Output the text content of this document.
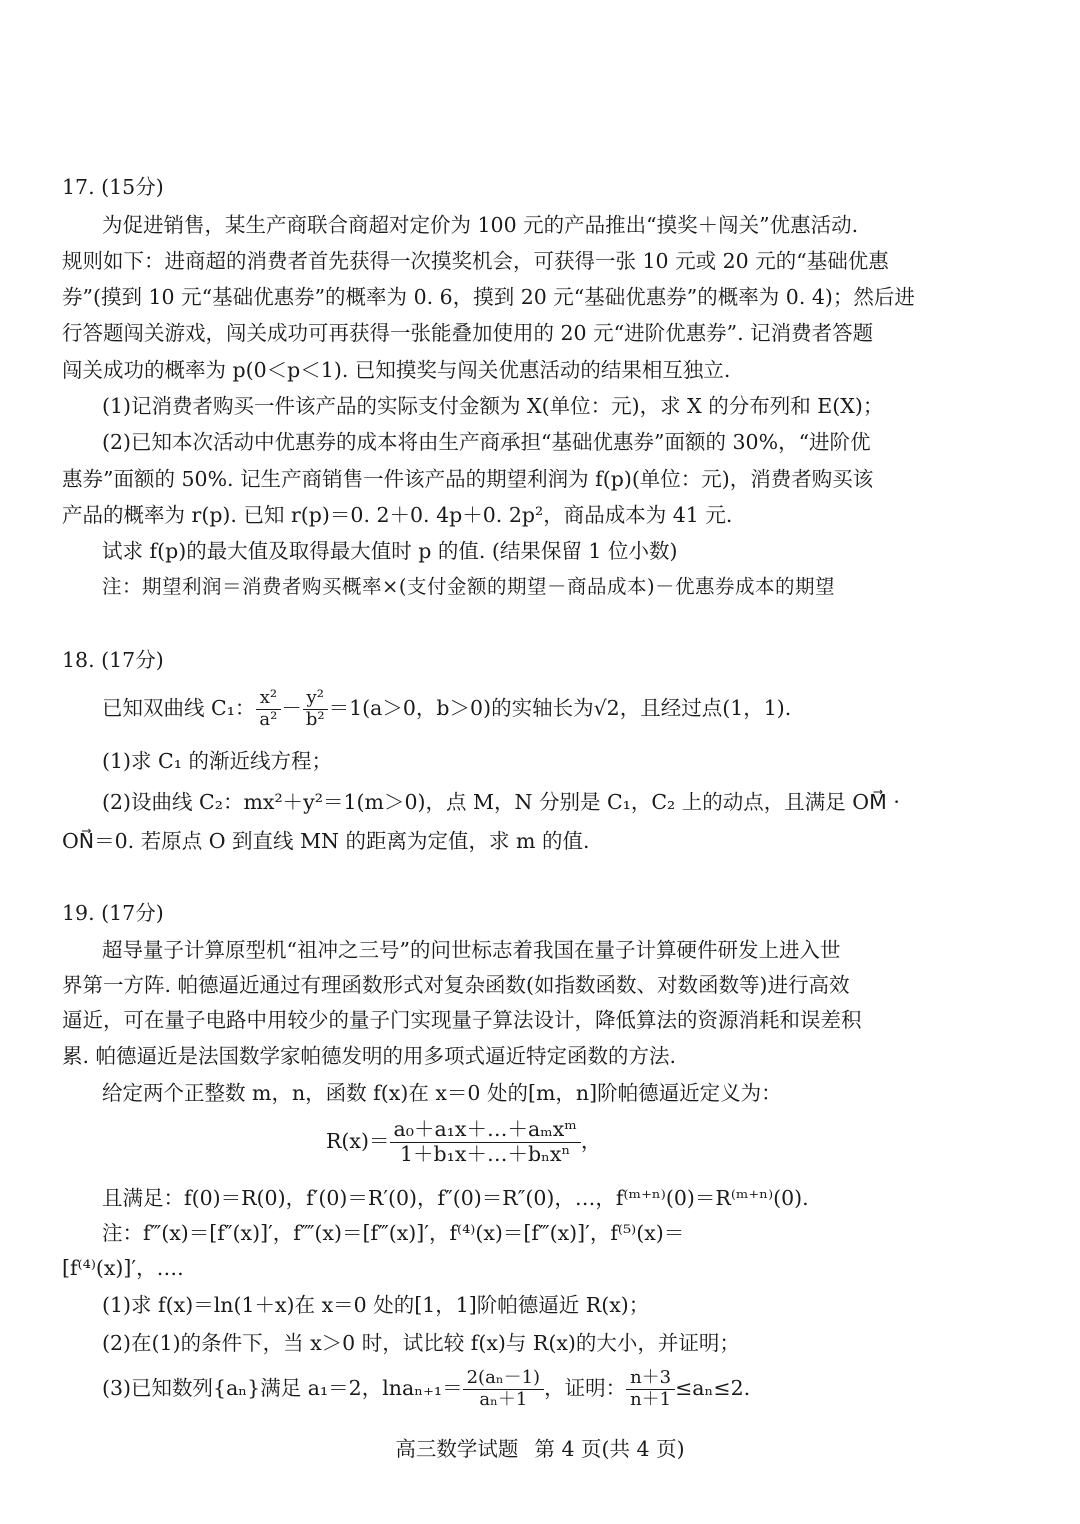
17. (15分)
为促进销售，某生产商联合商超对定价为 100 元的产品推出“摸奖＋闯关”优惠活动.
规则如下：进商超的消费者首先获得一次摸奖机会，可获得一张 10 元或 20 元的“基础优惠
券”(摸到 10 元“基础优惠券”的概率为 0. 6，摸到 20 元“基础优惠券”的概率为 0. 4)；然后进
行答题闯关游戏，闯关成功可再获得一张能叠加使用的 20 元“进阶优惠券”. 记消费者答题
闯关成功的概率为 p(0＜p＜1). 已知摸奖与闯关优惠活动的结果相互独立.
(1)记消费者购买一件该产品的实际支付金额为 X(单位：元)，求 X 的分布列和 E(X)；
(2)已知本次活动中优惠券的成本将由生产商承担“基础优惠券”面额的 30%，“进阶优
惠券”面额的 50%. 记生产商销售一件该产品的期望利润为 f(p)(单位：元)，消费者购买该
产品的概率为 r(p). 已知 r(p)＝0. 2＋0. 4p＋0. 2p²，商品成本为 41 元.
试求 f(p)的最大值及取得最大值时 p 的值. (结果保留 1 位小数)
注：期望利润＝消费者购买概率×(支付金额的期望－商品成本)－优惠券成本的期望
18. (17分)
已知双曲线 C₁： $\frac{\text{x²}}{\text{a²}} - \frac{\text{y²}}{\text{b²}} =1(a>0$，b＞0)的实轴长为√2，且经过点(1，1).
(1)求 C₁ 的渐近线方程；
(2)设曲线 C₂：mx²＋y²＝1(m＞0)，点 M，N 分别是 C₁，C₂ 上的动点，且满足 OM⃗ ·
ON⃗＝0. 若原点 O 到直线 MN 的距离为定值，求 m 的值.
19. (17分)
超导量子计算原型机“祖冲之三号”的问世标志着我国在量子计算硬件研发上进入世
界第一方阵. 帕德逼近通过有理函数形式对复杂函数(如指数函数、对数函数等)进行高效
逼近，可在量子电路中用较少的量子门实现量子算法设计，降低算法的资源消耗和误差积
累. 帕德逼近是法国数学家帕德发明的用多项式逼近特定函数的方法.
给定两个正整数 m，n，函数 f(x)在 x＝0 处的[m，n]阶帕德逼近定义为：
$R(x)= \frac{\text{a₀＋a₁x＋…＋aₘxᵐ}}{\text{1＋b₁x＋…＋bₙxⁿ}}$ ，
且满足：f(0)＝R(0)，f′(0)＝R′(0)，f″(0)＝R″(0)，…，f⁽ᵐ⁺ⁿ⁾(0)＝R⁽ᵐ⁺ⁿ⁾(0).
注：f‴(x)＝[f″(x)]′，f⁗(x)＝[f‴(x)]′，f⁽⁴⁾(x)＝[f‴(x)]′，f⁽⁵⁾(x)＝
[f⁽⁴⁾(x)]′，….
(1)求 f(x)＝ln(1＋x)在 x＝0 处的[1，1]阶帕德逼近 R(x)；
(2)在(1)的条件下，当 x＞0 时，试比较 f(x)与 R(x)的大小，并证明；
(3)已知数列{aₙ}满足 a₁＝2，$\ln a_{n+1}= \frac{\text{2(aₙ－1)}}{\text{aₙ＋1}}$ ，证明： $\frac{n+3}{n+1} \le a_n\le 2$.
高三数学试题 第 4 页(共 4 页)
